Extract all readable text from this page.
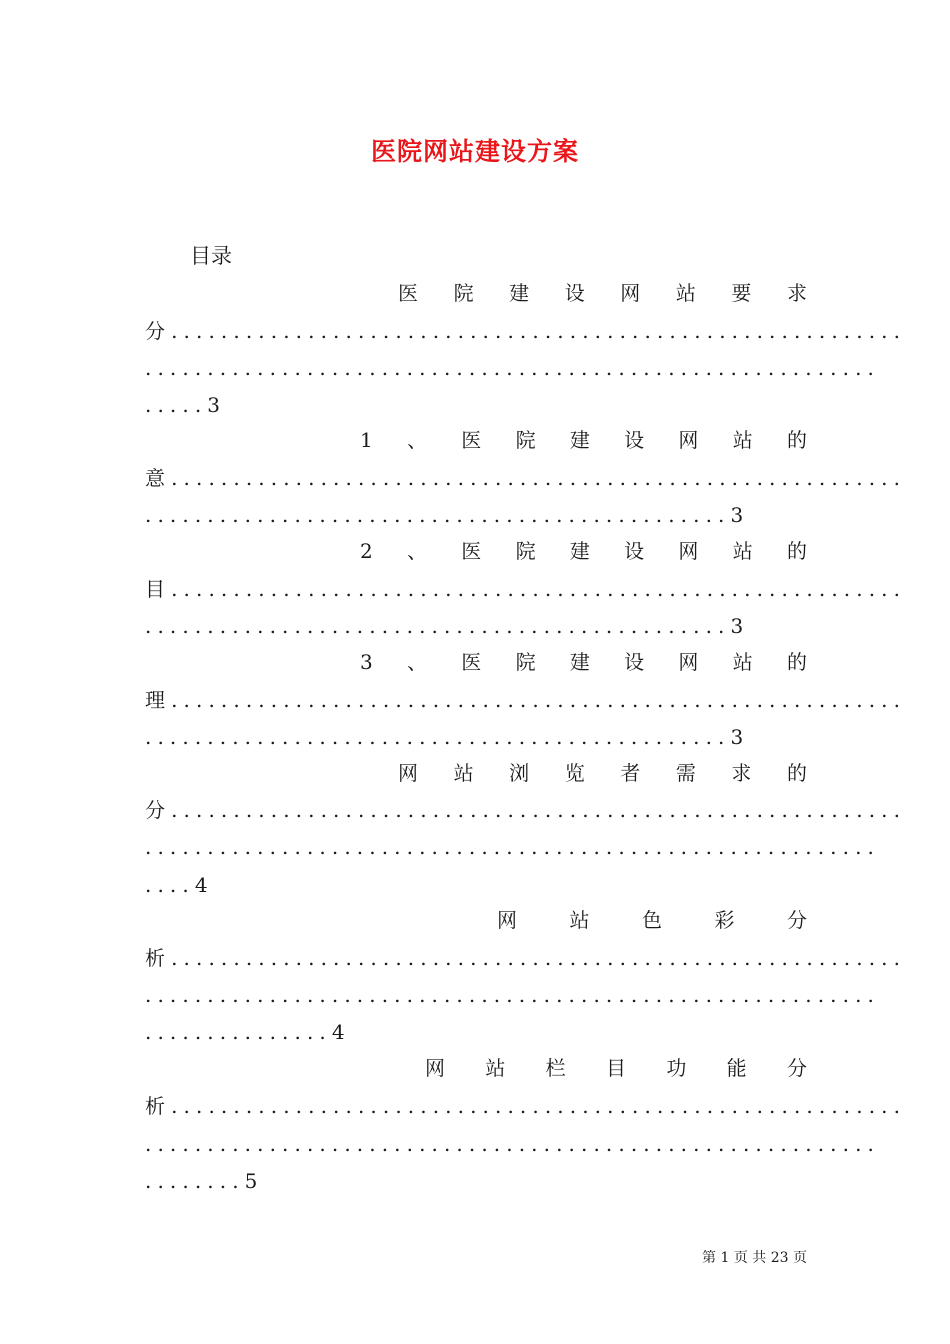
医院网站建设方案
目录
医 院 建 设 网 站 要 求
分...........................................................
...........................................................
.....3
1 、 医 院 建 设 网 站 的
意...........................................................
...............................................3
2 、 医 院 建 设 网 站 的
目...........................................................
...............................................3
3 、 医 院 建 设 网 站 的
理...........................................................
...............................................3
网 站 浏 览 者 需 求 的
分...........................................................
...........................................................
....4
网	站	色	彩	分
析...........................................................
...........................................................
...............4
网 站 栏 目 功 能 分
析...........................................................
...........................................................
........5
第 1 页 共 23 页
